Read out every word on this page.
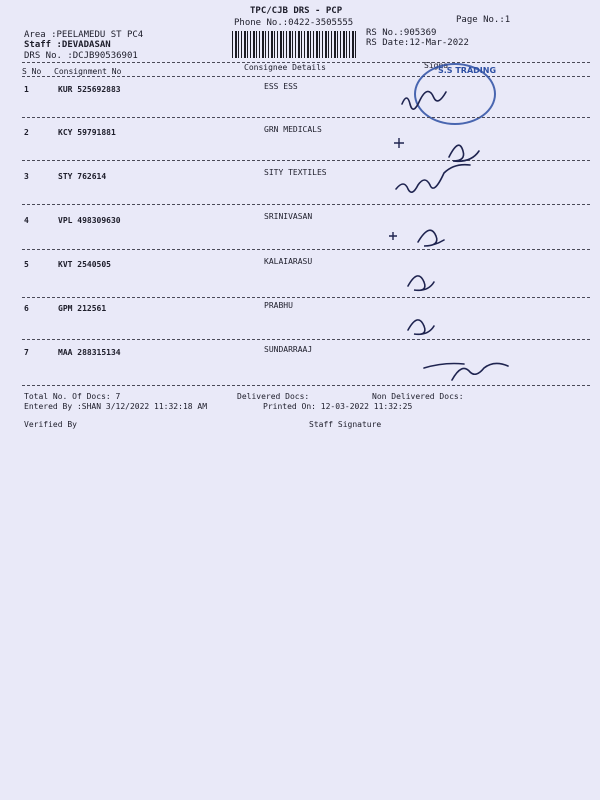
TPC/CJB DRS - PCP
Phone No.:0422-3505555	Page No.:1
RS No.:905369
RS Date:12-Mar-2022
Area :PEELAMEDU ST PC4
Staff :DEVADASAN
DRS No. :DCJB90536901
S No Consignment No	Consignee Details	Signa
S.S TRADING
1	KUR 525692883	ESS ESS
2	KCY 59791881	GRN MEDICALS
3	STY 762614	SITY TEXTILES
4	VPL 498309630	SRINIVASAN
5	KVT 2540505	KALAIARASU
6	GPM 212561	PRABHU
7	MAA 288315134	SUNDARRAAJ
Total No. Of Docs: 7	Delivered Docs:	Non Delivered Docs:
Entered By :SHAN 3/12/2022 11:32:18 AM	Printed On: 12-03-2022 11:32:25
Verified By	Staff Signature
